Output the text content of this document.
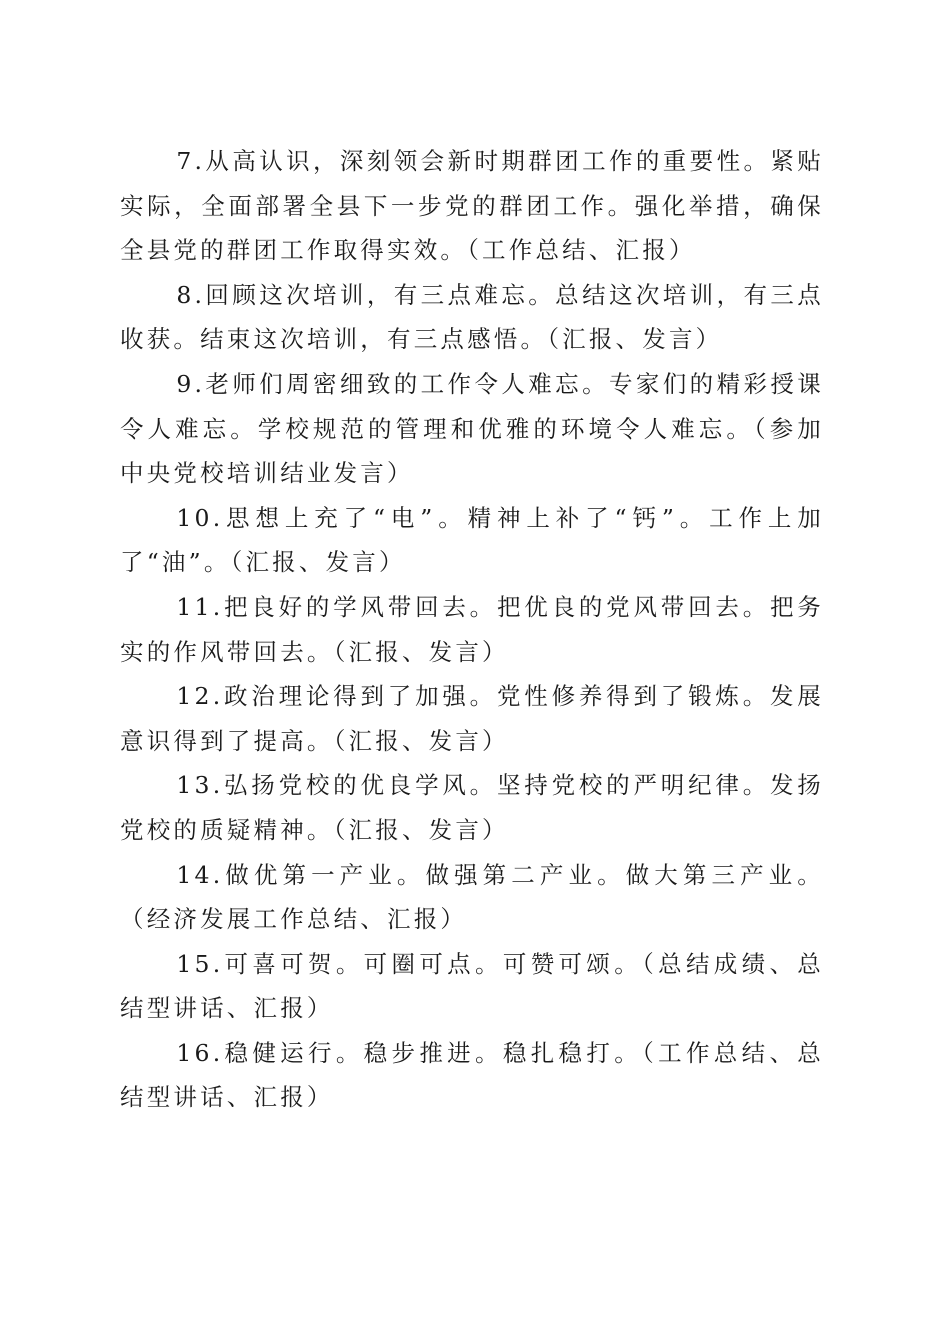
7.从高认识，深刻领会新时期群团工作的重要性。紧贴实际，全面部署全县下一步党的群团工作。强化举措，确保全县党的群团工作取得实效。（工作总结、汇报）

8.回顾这次培训，有三点难忘。总结这次培训，有三点收获。结束这次培训，有三点感悟。（汇报、发言）

9.老师们周密细致的工作令人难忘。专家们的精彩授课令人难忘。学校规范的管理和优雅的环境令人难忘。（参加中央党校培训结业发言）

10.思想上充了“电”。精神上补了“钙”。工作上加了“油”。（汇报、发言）

11.把良好的学风带回去。把优良的党风带回去。把务实的作风带回去。（汇报、发言）

12.政治理论得到了加强。党性修养得到了锻炼。发展意识得到了提高。（汇报、发言）

13.弘扬党校的优良学风。坚持党校的严明纪律。发扬党校的质疑精神。（汇报、发言）

14.做优第一产业。做强第二产业。做大第三产业。（经济发展工作总结、汇报）

15.可喜可贺。可圈可点。可赞可颂。（总结成绩、总结型讲话、汇报）

16.稳健运行。稳步推进。稳扎稳打。（工作总结、总结型讲话、汇报）
